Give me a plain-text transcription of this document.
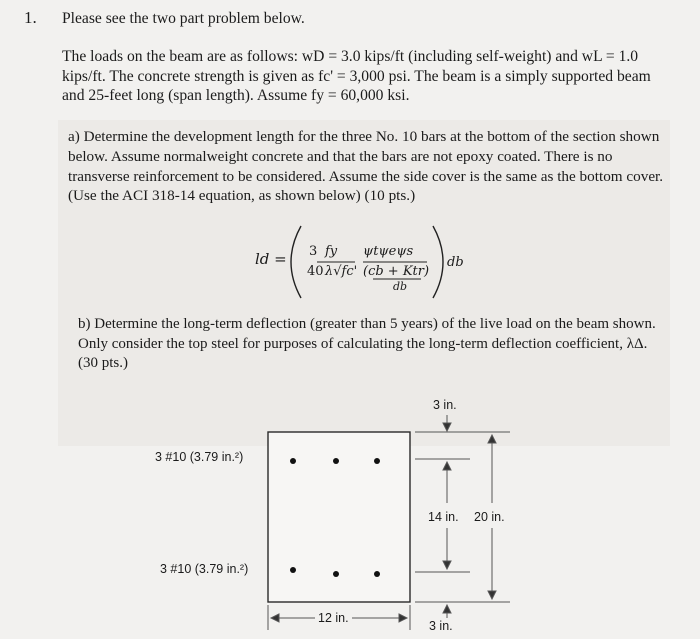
1. Please see the two part problem below.
The loads on the beam are as follows: wD = 3.0 kips/ft (including self-weight) and wL = 1.0 kips/ft. The concrete strength is given as fc' = 3,000 psi. The beam is a simply supported beam and 25-feet long (span length). Assume fy = 60,000 ksi.
a) Determine the development length for the three No. 10 bars at the bottom of the section shown below. Assume normalweight concrete and that the bars are not epoxy coated. There is no transverse reinforcement to be considered. Assume the side cover is the same as the bottom cover. (Use the ACI 318-14 equation, as shown below) (10 pts.)
ld = 3 fy ψtψeψs
40 λ√fc' (cb + Ktr)
db
db
b) Determine the long-term deflection (greater than 5 years) of the live load on the beam shown. Only consider the top steel for purposes of calculating the long-term deflection coefficient, λΔ. (30 pts.)
3 #10 (3.79 in.²)
3 #10 (3.79 in.²)
3 in.
14 in. 20 in.
3 in.
12 in.
